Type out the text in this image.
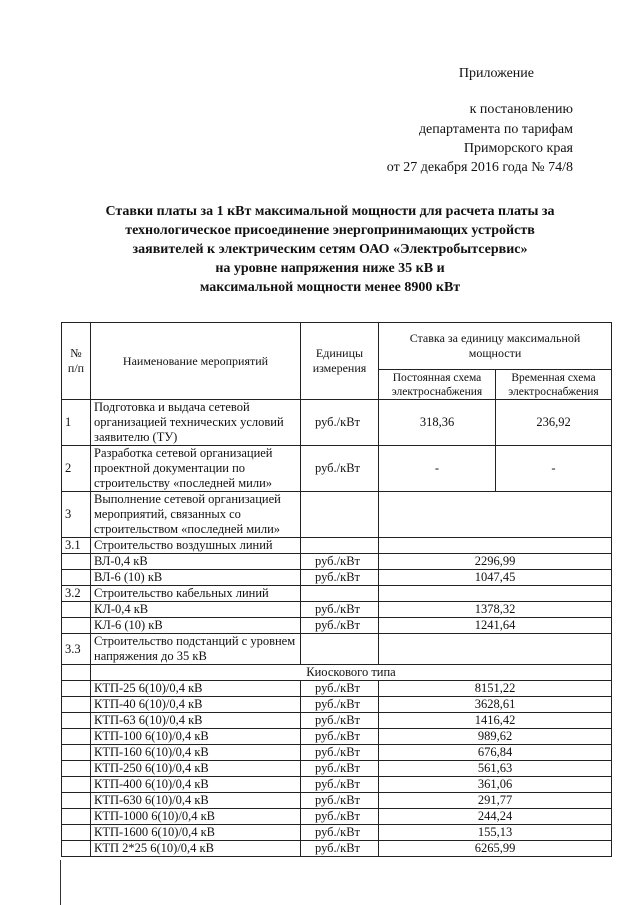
Приложение
к постановлению
департамента по тарифам
Приморского края
от 27 декабря 2016 года № 74/8
Ставки платы за 1 кВт максимальной мощности для расчета платы за
технологическое присоединение энергопринимающих устройств
заявителей к электрическим сетям ОАО «Электробытсервис»
на уровне напряжения ниже 35 кВ и
максимальной мощности менее 8900 кВт
№ п/п	Наименование мероприятий	Единицы измерения	Ставка за единицу максимальной мощности	
			Постоянная схема электроснабжения	Временная схема электроснабжения
1	Подготовка и выдача сетевой организацией технических условий заявителю (ТУ)	руб./кВт	318,36	236,92
2	Разработка сетевой организацией проектной документации по строительству «последней мили»	руб./кВт	-	-
3	Выполнение сетевой организацией мероприятий, связанных со строительством «последней мили»			
3.1	Строительство воздушных линий			
	ВЛ-0,4 кВ	руб./кВт	2296,99	
	ВЛ-6 (10) кВ	руб./кВт	1047,45	
3.2	Строительство кабельных линий			
	КЛ-0,4 кВ	руб./кВт	1378,32	
	КЛ-6 (10) кВ	руб./кВт	1241,64	
3.3	Строительство подстанций с уровнем напряжения до 35 кВ			
	Киоскового типа			
	КТП-25 6(10)/0,4 кВ	руб./кВт	8151,22	
	КТП-40 6(10)/0,4 кВ	руб./кВт	3628,61	
	КТП-63 6(10)/0,4 кВ	руб./кВт	1416,42	
	КТП-100 6(10)/0,4 кВ	руб./кВт	989,62	
	КТП-160 6(10)/0,4 кВ	руб./кВт	676,84	
	КТП-250 6(10)/0,4 кВ	руб./кВт	561,63	
	КТП-400 6(10)/0,4 кВ	руб./кВт	361,06	
	КТП-630 6(10)/0,4 кВ	руб./кВт	291,77	
	КТП-1000 6(10)/0,4 кВ	руб./кВт	244,24	
	КТП-1600 6(10)/0,4 кВ	руб./кВт	155,13	
	КТП 2*25 6(10)/0,4 кВ	руб./кВт	6265,99	
